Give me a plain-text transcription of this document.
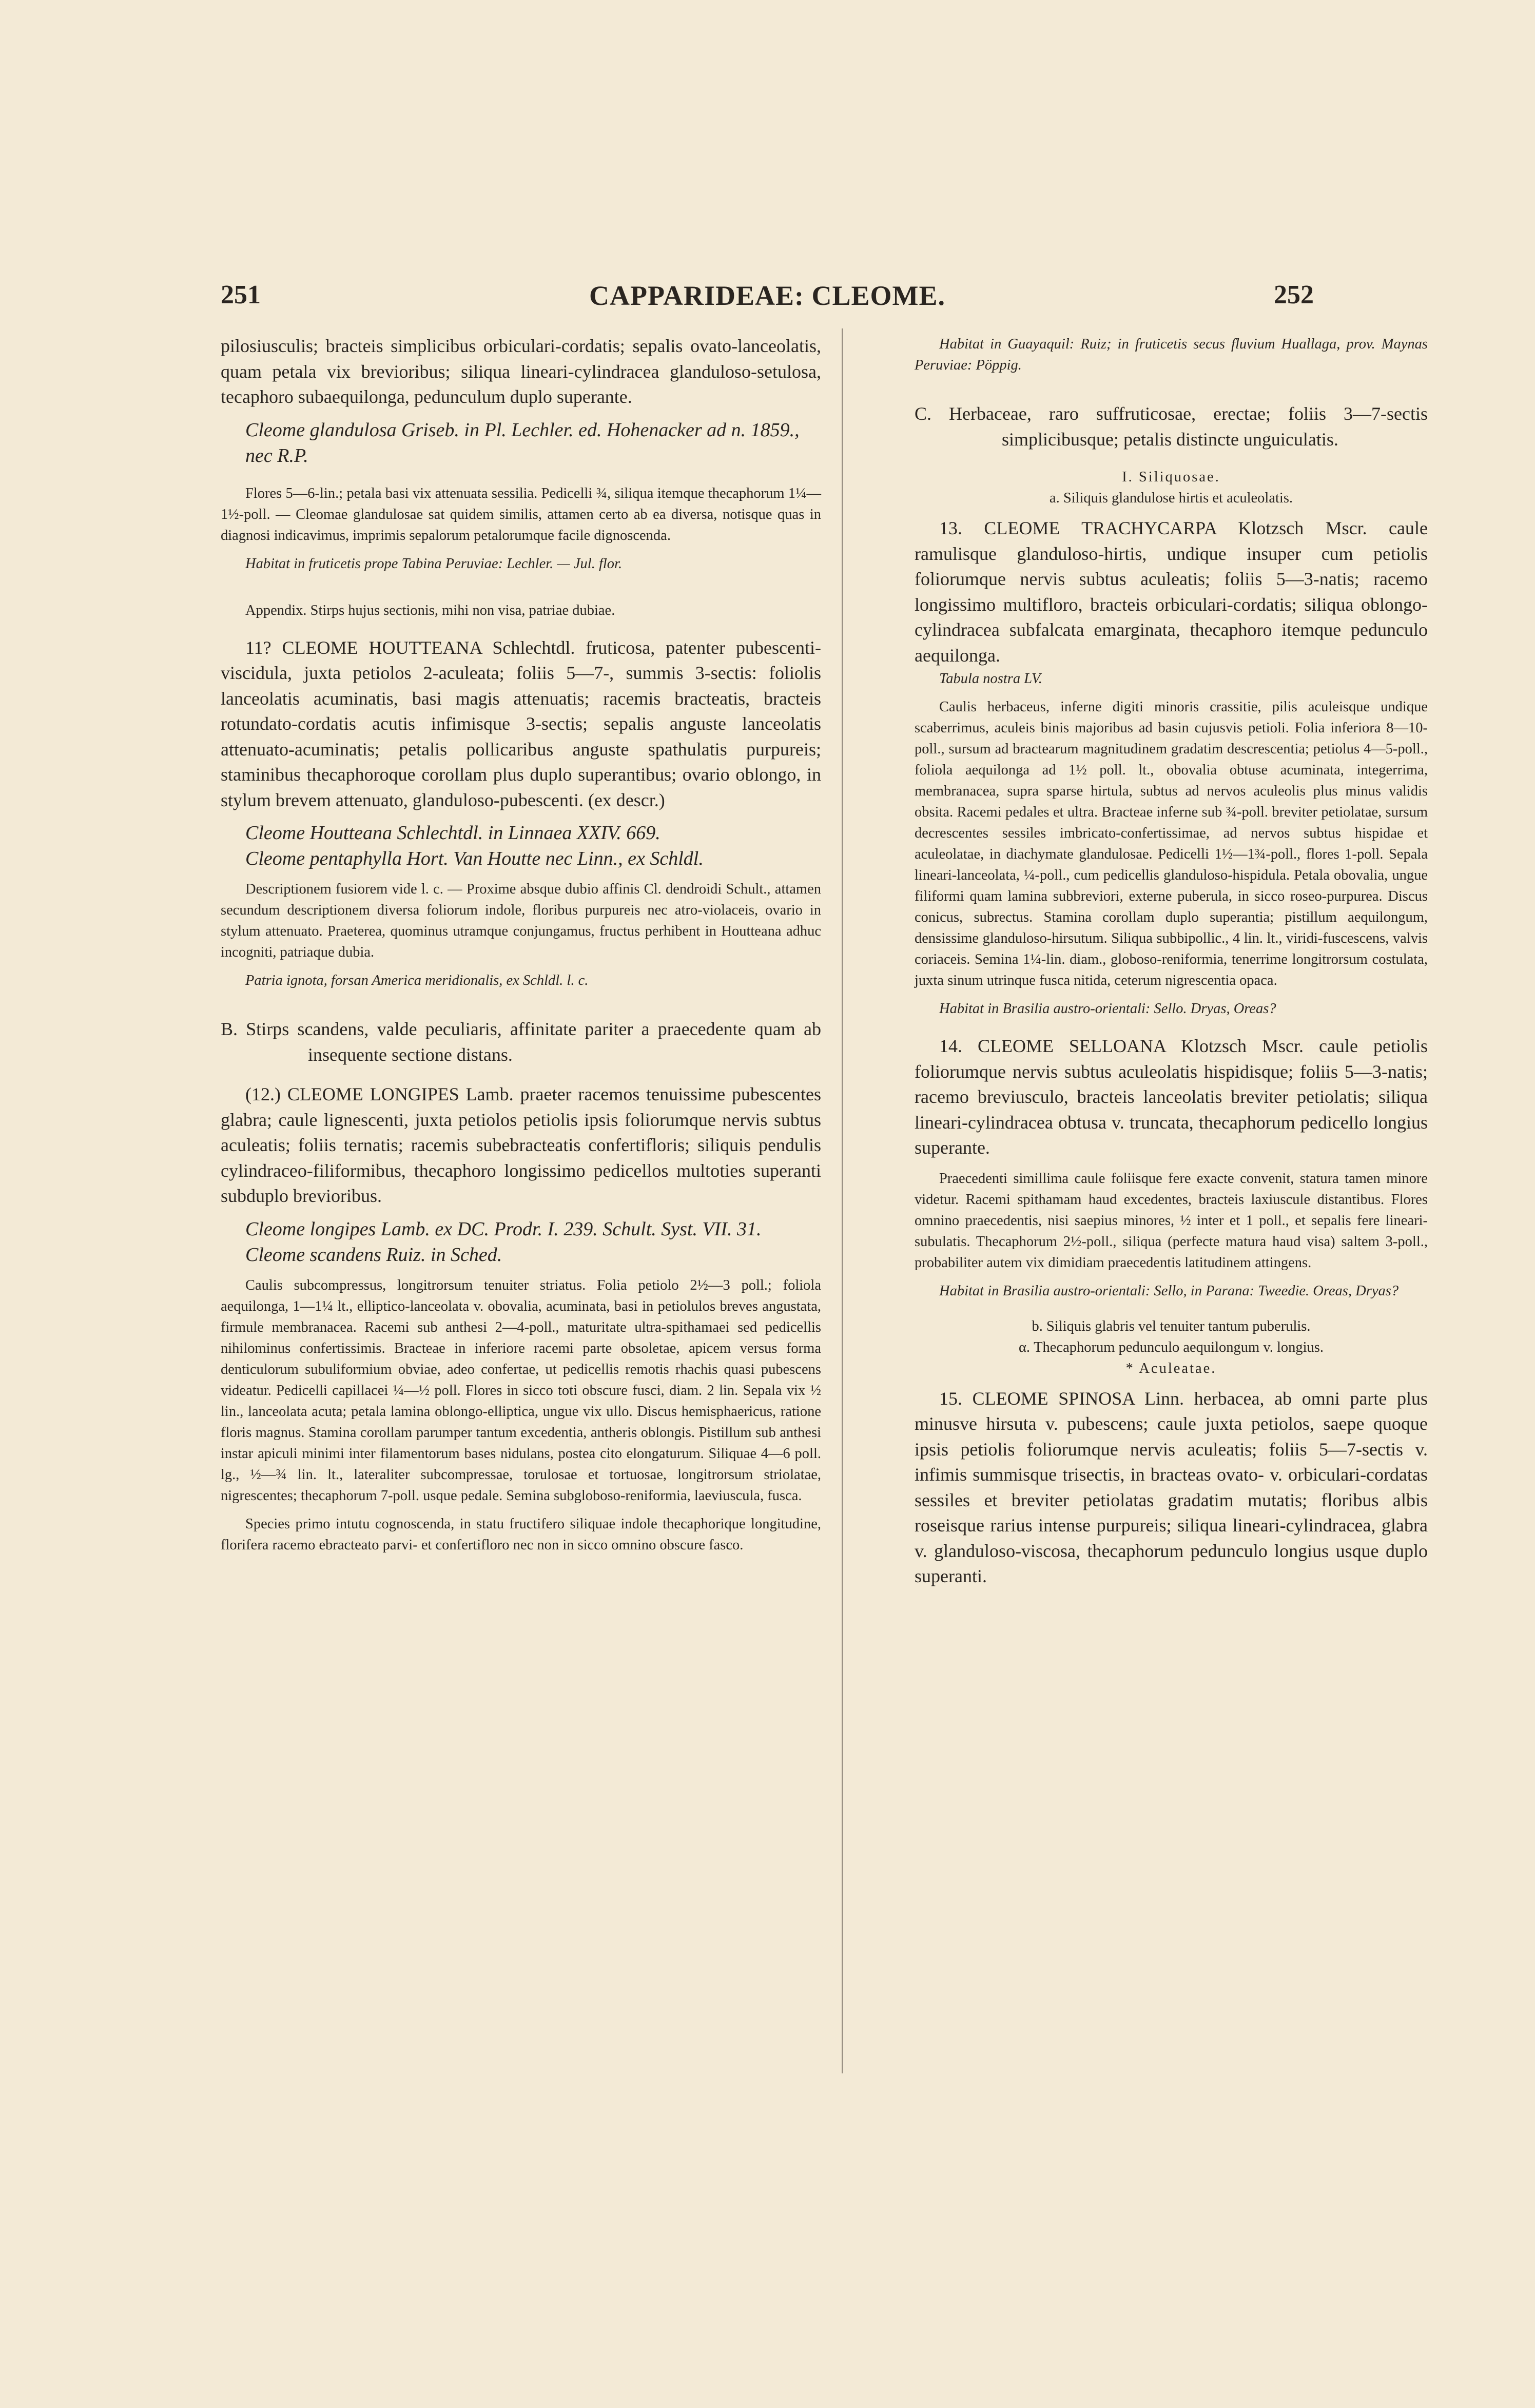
251	CAPPARIDEAE: CLEOME.	252

pilosiusculis; bracteis simplicibus orbiculari-cordatis; sepalis ovato-lanceolatis, quam petala vix brevioribus; siliqua lineari-cylindracea glanduloso-setulosa, tecaphoro subaequilonga, pedunculum duplo superante.

Cleome glandulosa Griseb. in Pl. Lechler. ed. Hohenacker ad n. 1859., nec R.P.

Flores 5—6-lin.; petala basi vix attenuata sessilia. Pedicelli ¾, siliqua itemque thecaphorum 1¼—1½-poll. — Cleomae glandulosae sat quidem similis, attamen certo ab ea diversa, notisque quas in diagnosi indicavimus, imprimis sepalorum petalorumque facile dignoscenda.

Habitat in fruticetis prope Tabina Peruviae: Lechler. — Jul. flor.

Appendix. Stirps hujus sectionis, mihi non visa, patriae dubiae.

11? CLEOME HOUTTEANA Schlechtdl. fruticosa, patenter pubescenti-viscidula, juxta petiolos 2-aculeata; foliis 5—7-, summis 3-sectis: foliolis lanceolatis acuminatis, basi magis attenuatis; racemis bracteatis, bracteis rotundato-cordatis acutis infimisque 3-sectis; sepalis anguste lanceolatis attenuato-acuminatis; petalis pollicaribus anguste spathulatis purpureis; staminibus thecaphoroque corollam plus duplo superantibus; ovario oblongo, in stylum brevem attenuato, glanduloso-pubescenti. (ex descr.)

Cleome Houtteana Schlechtdl. in Linnaea XXIV. 669.

Cleome pentaphylla Hort. Van Houtte nec Linn., ex Schldl.

Descriptionem fusiorem vide l. c. — Proxime absque dubio affinis Cl. dendroidi Schult., attamen secundum descriptionem diversa foliorum indole, floribus purpureis nec atro-violaceis, ovario in stylum attenuato. Praeterea, quominus utramque conjungamus, fructus perhibent in Houtteana adhuc incogniti, patriaque dubia.

Patria ignota, forsan America meridionalis, ex Schldl. l. c.

B. Stirps scandens, valde peculiaris, affinitate pariter a praecedente quam ab insequente sectione distans.

(12.) CLEOME LONGIPES Lamb. praeter racemos tenuissime pubescentes glabra; caule lignescenti, juxta petiolos petiolis ipsis foliorumque nervis subtus aculeatis; foliis ternatis; racemis subebracteatis confertifloris; siliquis pendulis cylindraceo-filiformibus, thecaphoro longissimo pedicellos multoties superanti subduplo brevioribus.

Cleome longipes Lamb. ex DC. Prodr. I. 239. Schult. Syst. VII. 31.

Cleome scandens Ruiz. in Sched.

Caulis subcompressus, longitrorsum tenuiter striatus. Folia petiolo 2½—3 poll.; foliola aequilonga, 1—1¼ lt., elliptico-lanceolata v. obovalia, acuminata, basi in petiolulos breves angustata, firmule membranacea. Racemi sub anthesi 2—4-poll., maturitate ultra-spithamaei sed pedicellis nihilominus confertissimis. Bracteae in inferiore racemi parte obsoletae, apicem versus forma denticulorum subuliformium obviae, adeo confertae, ut pedicellis remotis rhachis quasi pubescens videatur. Pedicelli capillacei ¼—½ poll. Flores in sicco toti obscure fusci, diam. 2 lin. Sepala vix ½ lin., lanceolata acuta; petala lamina oblongo-elliptica, ungue vix ullo. Discus hemisphaericus, ratione floris magnus. Stamina corollam parumper tantum excedentia, antheris oblongis. Pistillum sub anthesi instar apiculi minimi inter filamentorum bases nidulans, postea cito elongaturum. Siliquae 4—6 poll. lg., ½—¾ lin. lt., lateraliter subcompressae, torulosae et tortuosae, longitrorsum striolatae, nigrescentes; thecaphorum 7-poll. usque pedale. Semina subgloboso-reniformia, laeviuscula, fusca.

Species primo intutu cognoscenda, in statu fructifero siliquae indole thecaphorique longitudine, florifera racemo ebracteato parvi- et confertifloro nec non in sicco omnino obscure fasco.

Habitat in Guayaquil: Ruiz; in fruticetis secus fluvium Huallaga, prov. Maynas Peruviae: Pöppig.

C. Herbaceae, raro suffruticosae, erectae; foliis 3—7-sectis simplicibusque; petalis distincte unguiculatis.

I. Siliquosae.

a. Siliquis glandulose hirtis et aculeolatis.

13. CLEOME TRACHYCARPA Klotzsch Mscr. caule ramulisque glanduloso-hirtis, undique insuper cum petiolis foliorumque nervis subtus aculeatis; foliis 5—3-natis; racemo longissimo multifloro, bracteis orbiculari-cordatis; siliqua oblongo-cylindracea subfalcata emarginata, thecaphoro itemque pedunculo aequilonga.

Tabula nostra LV.

Caulis herbaceus, inferne digiti minoris crassitie, pilis aculeisque undique scaberrimus, aculeis binis majoribus ad basin cujusvis petioli. Folia inferiora 8—10-poll., sursum ad bractearum magnitudinem gradatim descrescentia; petiolus 4—5-poll., foliola aequilonga ad 1½ poll. lt., obovalia obtuse acuminata, integerrima, membranacea, supra sparse hirtula, subtus ad nervos aculeolis plus minus validis obsita. Racemi pedales et ultra. Bracteae inferne sub ¾-poll. breviter petiolatae, sursum decrescentes sessiles imbricato-confertissimae, ad nervos subtus hispidae et aculeolatae, in diachymate glandulosae. Pedicelli 1½—1¾-poll., flores 1-poll. Sepala lineari-lanceolata, ¼-poll., cum pedicellis glanduloso-hispidula. Petala obovalia, ungue filiformi quam lamina subbreviori, externe puberula, in sicco roseo-purpurea. Discus conicus, subrectus. Stamina corollam duplo superantia; pistillum aequilongum, densissime glanduloso-hirsutum. Siliqua subbipollic., 4 lin. lt., viridi-fuscescens, valvis coriaceis. Semina 1¼-lin. diam., globoso-reniformia, tenerrime longitrorsum costulata, juxta sinum utrinque fusca nitida, ceterum nigrescentia opaca.

Habitat in Brasilia austro-orientali: Sello. Dryas, Oreas?

14. CLEOME SELLOANA Klotzsch Mscr. caule petiolis foliorumque nervis subtus aculeolatis hispidisque; foliis 5—3-natis; racemo breviusculo, bracteis lanceolatis breviter petiolatis; siliqua lineari-cylindracea obtusa v. truncata, thecaphorum pedicello longius superante.

Praecedenti simillima caule foliisque fere exacte convenit, statura tamen minore videtur. Racemi spithamam haud excedentes, bracteis laxiuscule distantibus. Flores omnino praecedentis, nisi saepius minores, ½ inter et 1 poll., et sepalis fere lineari-subulatis. Thecaphorum 2½-poll., siliqua (perfecte matura haud visa) saltem 3-poll., probabiliter autem vix dimidiam praecedentis latitudinem attingens.

Habitat in Brasilia austro-orientali: Sello, in Parana: Tweedie. Oreas, Dryas?

b. Siliquis glabris vel tenuiter tantum puberulis.

α. Thecaphorum pedunculo aequilongum v. longius.

* Aculeatae.

15. CLEOME SPINOSA Linn. herbacea, ab omni parte plus minusve hirsuta v. pubescens; caule juxta petiolos, saepe quoque ipsis petiolis foliorumque nervis aculeatis; foliis 5—7-sectis v. infimis summisque trisectis, in bracteas ovato- v. orbiculari-cordatas sessiles et breviter petiolatas gradatim mutatis; floribus albis roseisque rarius intense purpureis; siliqua lineari-cylindracea, glabra v. glanduloso-viscosa, thecaphorum pedunculo longius usque duplo superanti.
